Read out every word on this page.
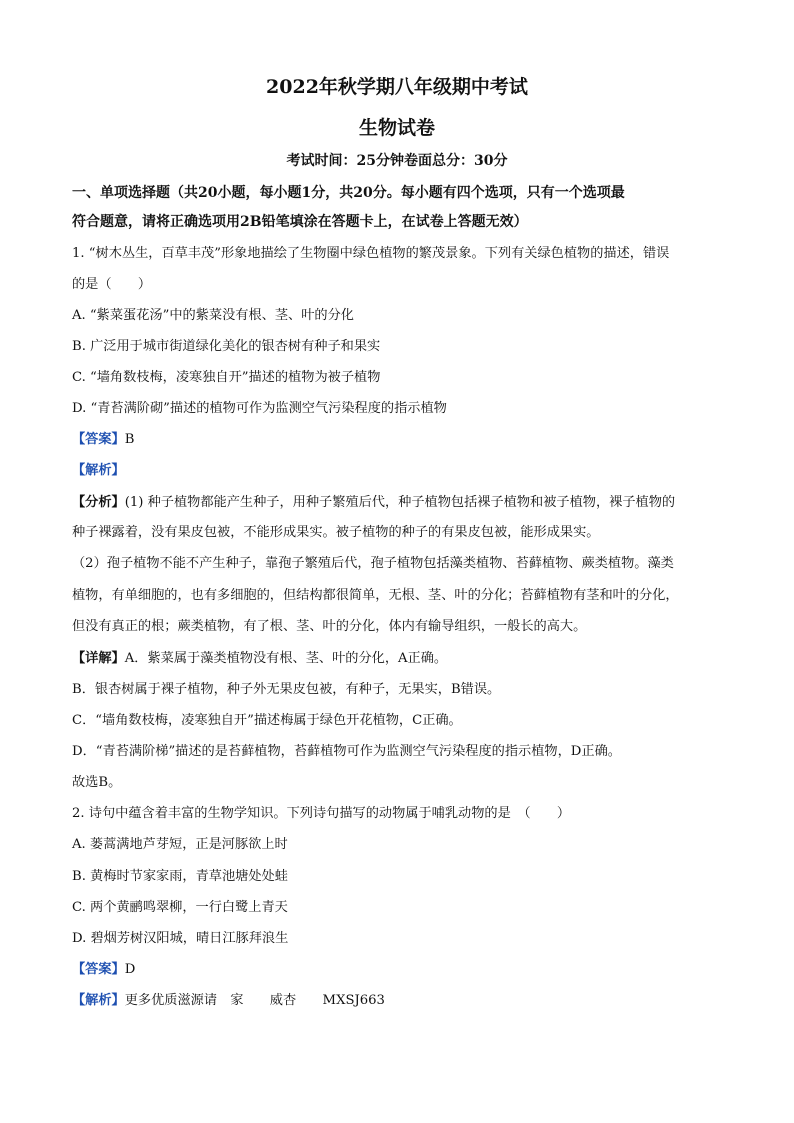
2022年秋学期八年级期中考试
生物试卷
考试时间：25分钟卷面总分：30分
一、单项选择题（共20小题，每小题1分，共20分。每小题有四个选项，只有一个选项最
符合题意，请将正确选项用2B铅笔填涂在答题卡上，在试卷上答题无效）
1. “树木丛生，百草丰茂”形象地描绘了生物圈中绿色植物的繁茂景象。下列有关绿色植物的描述，错误
的是（　　）
A. “紫菜蛋花汤”中的紫菜没有根、茎、叶的分化
B. 广泛用于城市街道绿化美化的银杏树有种子和果实
C. “墙角数枝梅，凌寒独自开”描述的植物为被子植物
D. “青苔满阶砌”描述的植物可作为监测空气污染程度的指示植物
【答案】B
【解析】
【分析】(1) 种子植物都能产生种子，用种子繁殖后代，种子植物包括裸子植物和被子植物，裸子植物的
种子裸露着，没有果皮包被，不能形成果实。被子植物的种子的有果皮包被，能形成果实。
（2）孢子植物不能不产生种子，靠孢子繁殖后代，孢子植物包括藻类植物、苔藓植物、蕨类植物。藻类
植物，有单细胞的，也有多细胞的，但结构都很简单，无根、茎、叶的分化；苔藓植物有茎和叶的分化，
但没有真正的根；蕨类植物，有了根、茎、叶的分化，体内有输导组织，一般长的高大。
【详解】A．紫菜属于藻类植物没有根、茎、叶的分化，A正确。
B．银杏树属于裸子植物，种子外无果皮包被，有种子，无果实，B错误。
C．“墙角数枝梅，凌寒独自开”描述梅属于绿色开花植物，C正确。
D．“青苔满阶梯”描述的是苔藓植物，苔藓植物可作为监测空气污染程度的指示植物，D正确。
故选B。
2. 诗句中蕴含着丰富的生物学知识。下列诗句描写的动物属于哺乳动物的是　（　　）
A. 蒌蒿满地芦芽短，正是河豚欲上时
B. 黄梅时节家家雨，青草池塘处处蛙
C. 两个黄鹂鸣翠柳，一行白鹭上青天
D. 碧烟芳树汉阳城，晴日江豚拜浪生
【答案】D
【解析】更多优质滋源请　家　　威杏　　MXSJ663
